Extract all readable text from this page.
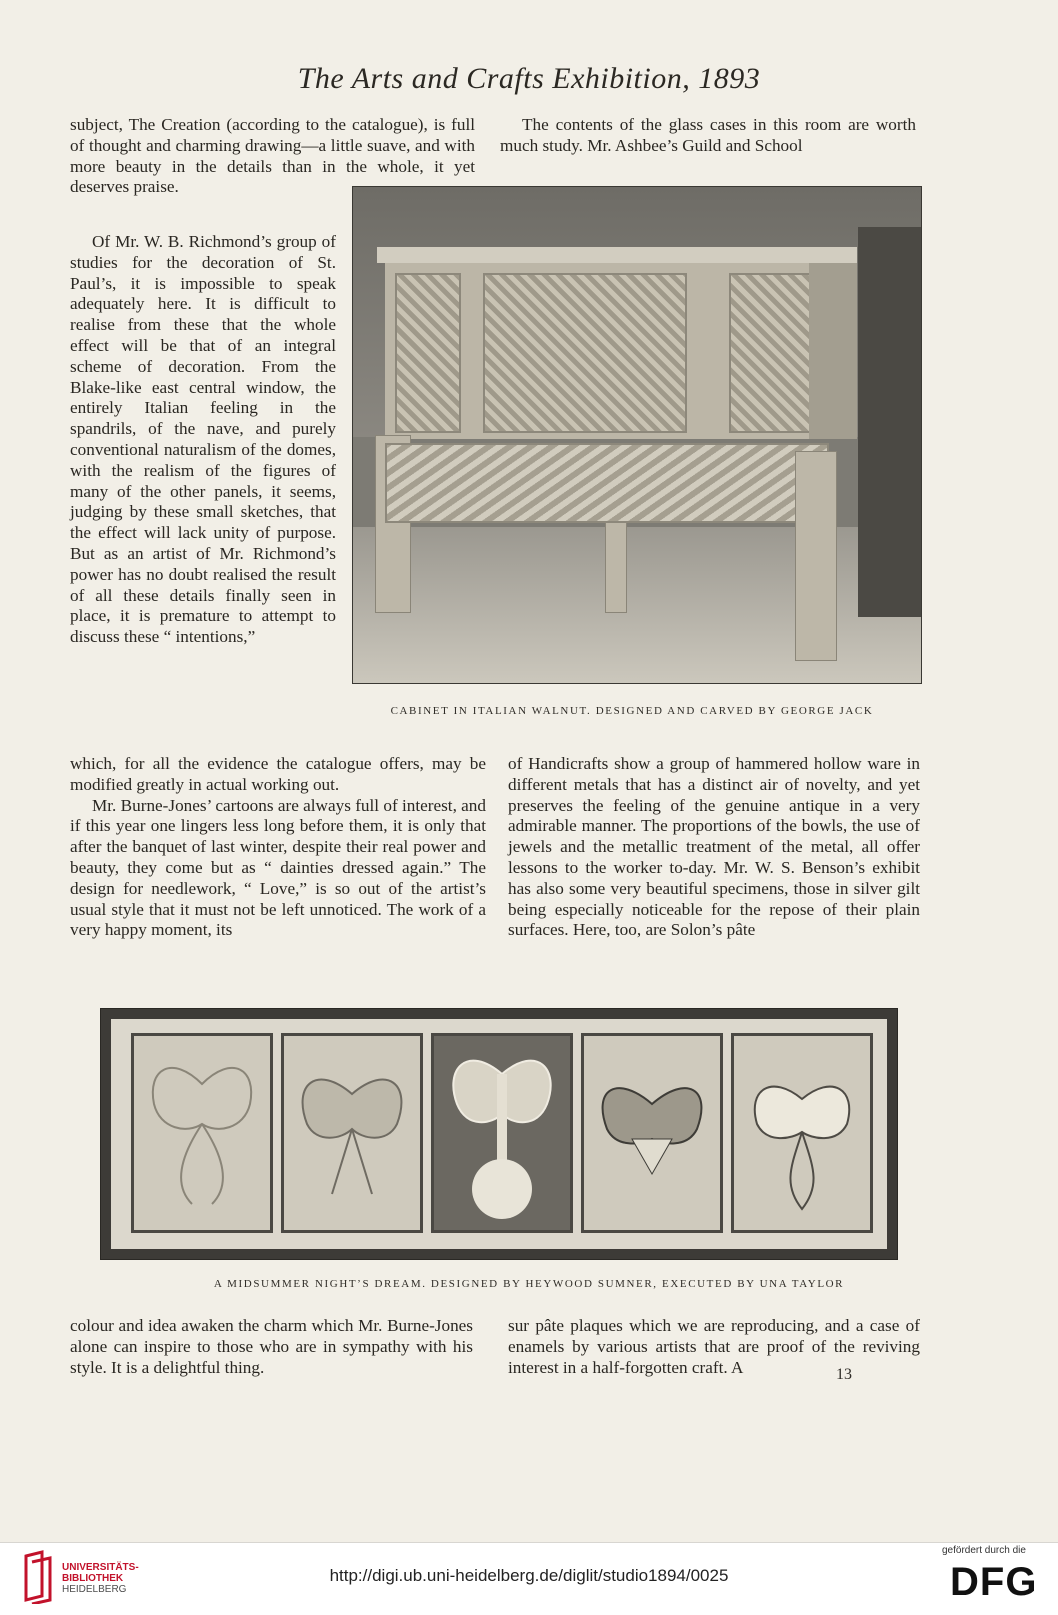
The Arts and Crafts Exhibition, 1893

subject, The Creation (according to the catalogue), is full of thought and charming drawing—a little suave, and with more beauty in the details than in the whole, it yet deserves praise.

Of Mr. W. B. Richmond’s group of studies for the decoration of St. Paul’s, it is impossible to speak adequately here. It is difficult to realise from these that the whole effect will be that of an integral scheme of decoration. From the Blake-like east central window, the entirely Italian feeling in the spandrils, of the nave, and purely conventional naturalism of the domes, with the realism of the figures of many of the other panels, it seems, judging by these small sketches, that the effect will lack unity of purpose. But as an artist of Mr. Richmond’s power has no doubt realised the result of all these details finally seen in place, it is premature to attempt to discuss these “ intentions,”

The contents of the glass cases in this room are worth much study. Mr. Ashbee’s Guild and School

CABINET IN ITALIAN WALNUT. DESIGNED AND CARVED BY GEORGE JACK

which, for all the evidence the catalogue offers, may be modified greatly in actual working out.

Mr. Burne-Jones’ cartoons are always full of interest, and if this year one lingers less long before them, it is only that after the banquet of last winter, despite their real power and beauty, they come but as “ dainties dressed again.” The design for needlework, “ Love,” is so out of the artist’s usual style that it must not be left unnoticed. The work of a very happy moment, its

of Handicrafts show a group of hammered hollow ware in different metals that has a distinct air of novelty, and yet preserves the feeling of the genuine antique in a very admirable manner. The proportions of the bowls, the use of jewels and the metallic treatment of the metal, all offer lessons to the worker to-day. Mr. W. S. Benson’s exhibit has also some very beautiful specimens, those in silver gilt being especially noticeable for the repose of their plain surfaces. Here, too, are Solon’s pâte

A MIDSUMMER NIGHT’S DREAM. DESIGNED BY HEYWOOD SUMNER, EXECUTED BY UNA TAYLOR

colour and idea awaken the charm which Mr. Burne-Jones alone can inspire to those who are in sympathy with his style. It is a delightful thing.

sur pâte plaques which we are reproducing, and a case of enamels by various artists that are proof of the reviving interest in a half-forgotten craft. A	13
UNIVERSITÄTS-
BIBLIOTHEK
HEIDELBERG
http://digi.ub.uni-heidelberg.de/diglit/studio1894/0025
gefördert durch die
DFG
